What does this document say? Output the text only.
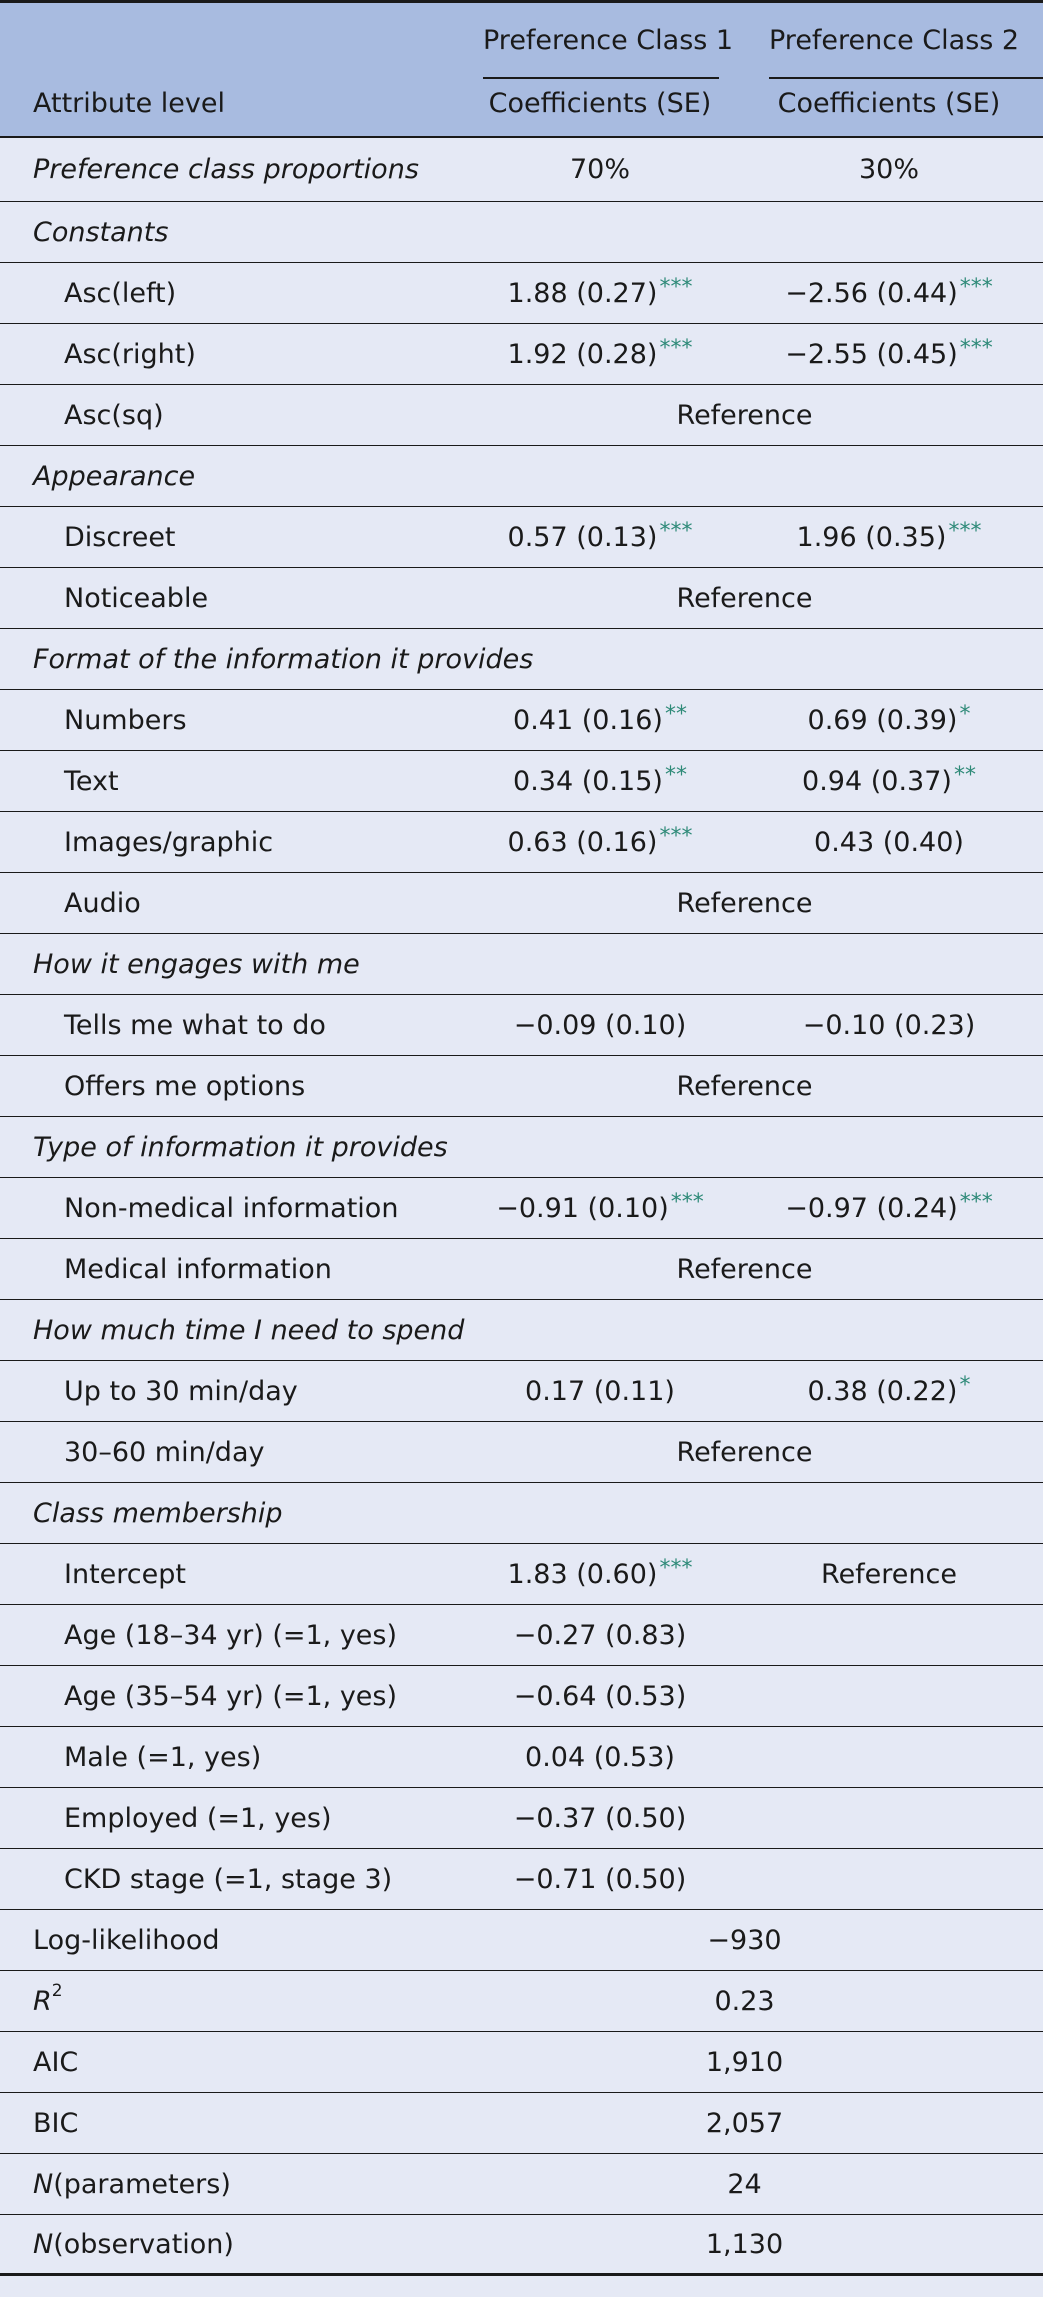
Preference Class 1 Preference Class 2
Attribute level	Coefficients (SE)	Coefficients (SE)
Preference class proportions	70%	30%
Constants
Asc(left)	1.88 (0.27) ***	−2.56 (0.44) ***
Asc(right)	1.92 (0.28) ***	−2.55 (0.45) ***
Asc(sq)	Reference
Appearance
Discreet	0.57 (0.13) ***	1.96 (0.35) ***
Noticeable	Reference
Format of the information it provides
Numbers	0.41 (0.16) **	0.69 (0.39) *
Text	0.34 (0.15) **	0.94 (0.37) **
Images/graphic	0.63 (0.16) ***	0.43 (0.40)
Audio	Reference
How it engages with me
Tells me what to do	−0.09 (0.10)	−0.10 (0.23)
Offers me options	Reference
Type of information it provides
Non-medical information	−0.91 (0.10) ***	−0.97 (0.24) ***
Medical information	Reference
How much time I need to spend
Up to 30 min/day	0.17 (0.11)	0.38 (0.22) *
30–60 min/day	Reference
Class membership
Intercept	1.83 (0.60) ***	Reference
Age (18–34 yr) (=1, yes)	−0.27 (0.83)
Age (35–54 yr) (=1, yes)	−0.64 (0.53)
Male (=1, yes)	0.04 (0.53)
Employed (=1, yes)	−0.37 (0.50)
CKD stage (=1, stage 3)	−0.71 (0.50)
Log-likelihood	−930
R 2	0.23
AIC	1,910
BIC	2,057
N (parameters)	24
N (observation)	1,130
